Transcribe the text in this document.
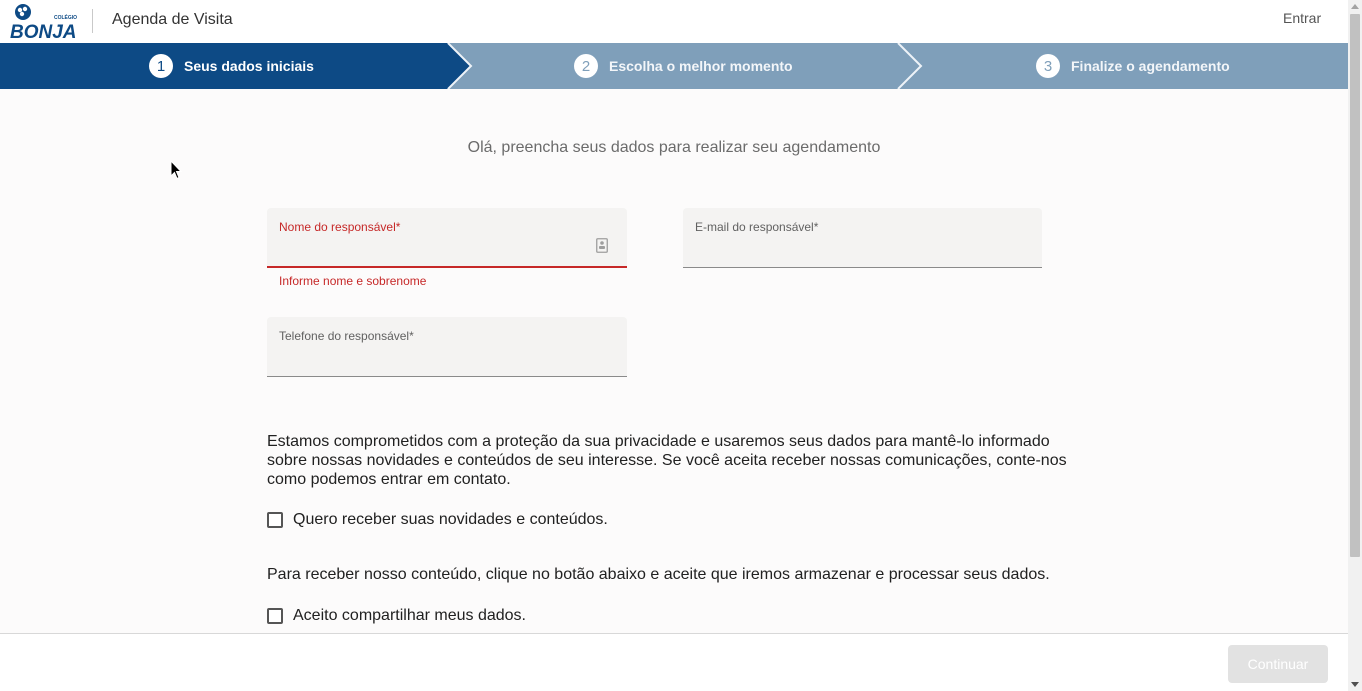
COLÉGIO
BONJA
Agenda de Visita	Entrar
1	Seus dados iniciais	2	Escolha o melhor momento	3	Finalize o agendamento
Olá, preencha seus dados para realizar seu agendamento
Nome do responsável*
Informe nome e sobrenome
E-mail do responsável*
Telefone do responsável*
Estamos comprometidos com a proteção da sua privacidade e usaremos seus dados para mantê-lo informado sobre nossas novidades e conteúdos de seu interesse. Se você aceita receber nossas comunicações, conte-nos como podemos entrar em contato.
Quero receber suas novidades e conteúdos.
Para receber nosso conteúdo, clique no botão abaixo e aceite que iremos armazenar e processar seus dados.
Aceito compartilhar meus dados.
Continuar
